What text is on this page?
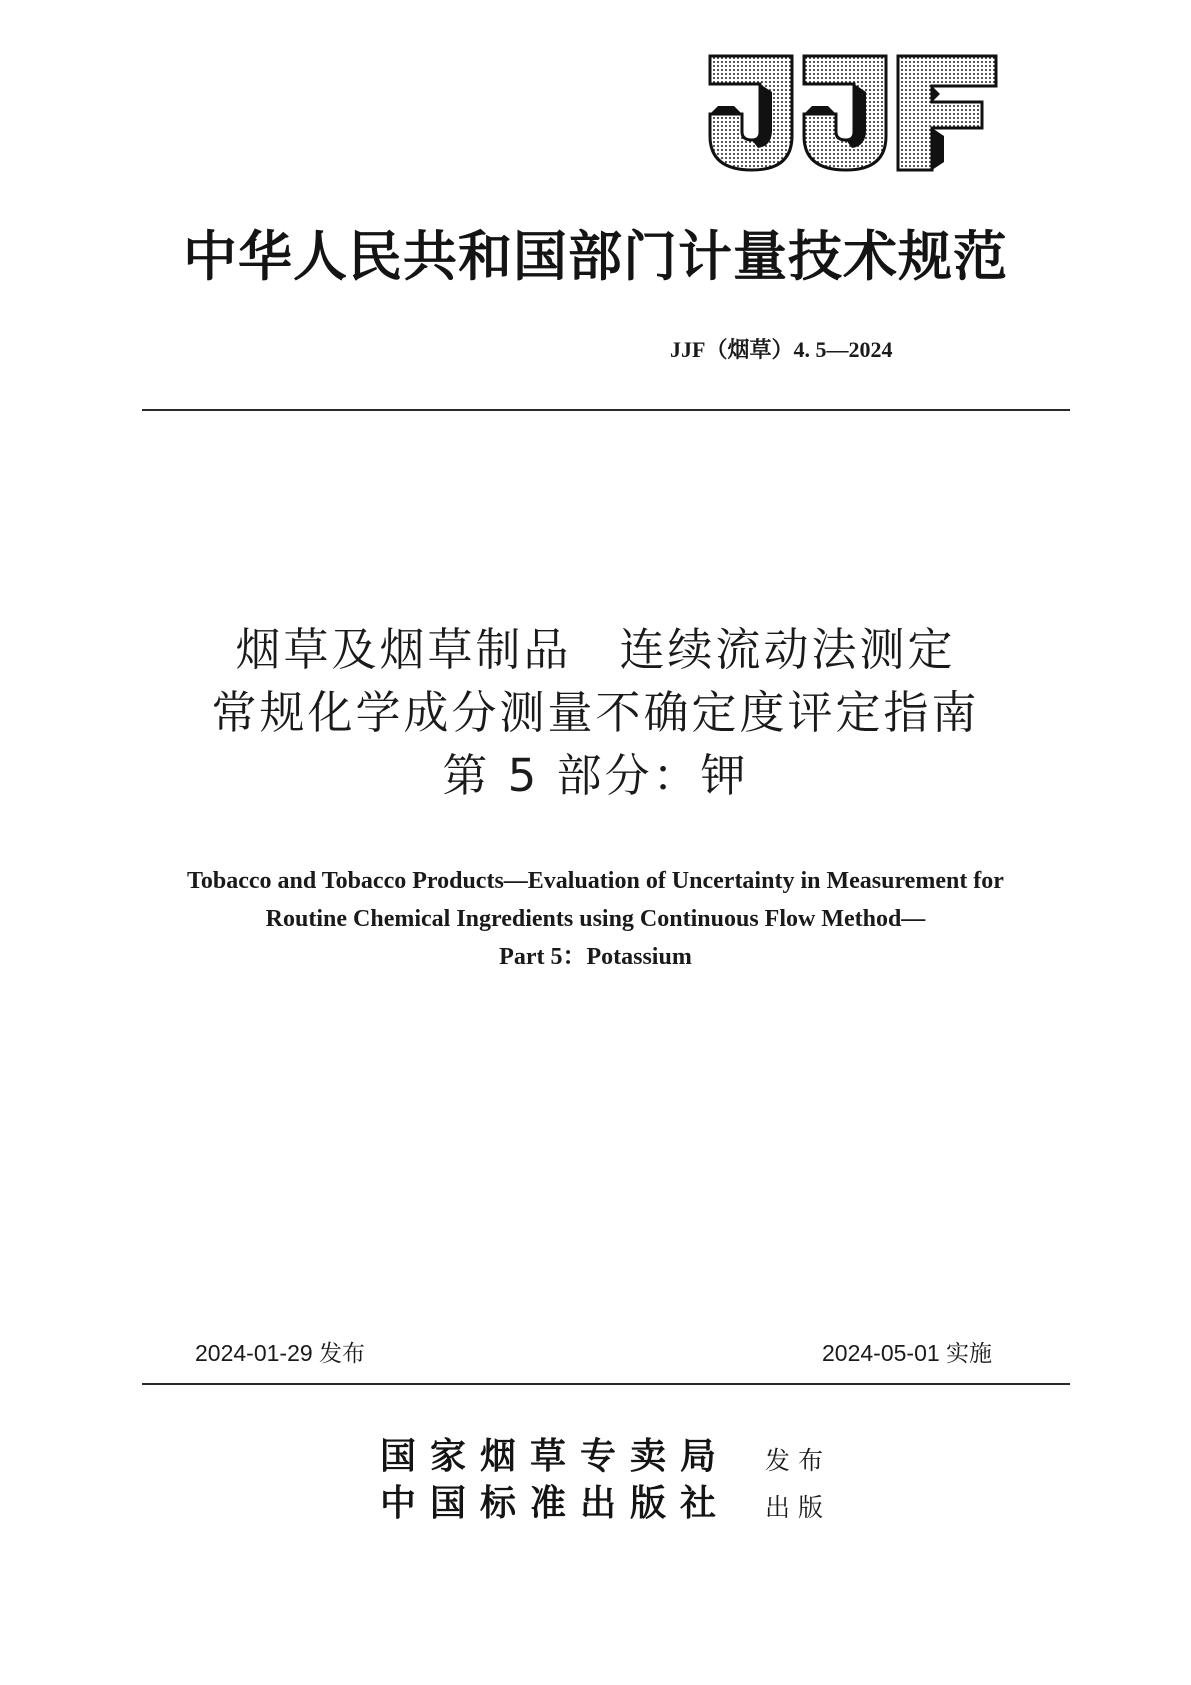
中华人民共和国部门计量技术规范
JJF（烟草）4. 5—2024
烟草及烟草制品　连续流动法测定
常规化学成分测量不确定度评定指南
第 5 部分：钾
Tobacco and Tobacco Products—Evaluation of Uncertainty in Measurement for
Routine Chemical Ingredients using Continuous Flow Method—
Part 5：Potassium
2024-01-29 发布	2024-05-01 实施
国家烟草专卖局 发布
中国标准出版社 出版
